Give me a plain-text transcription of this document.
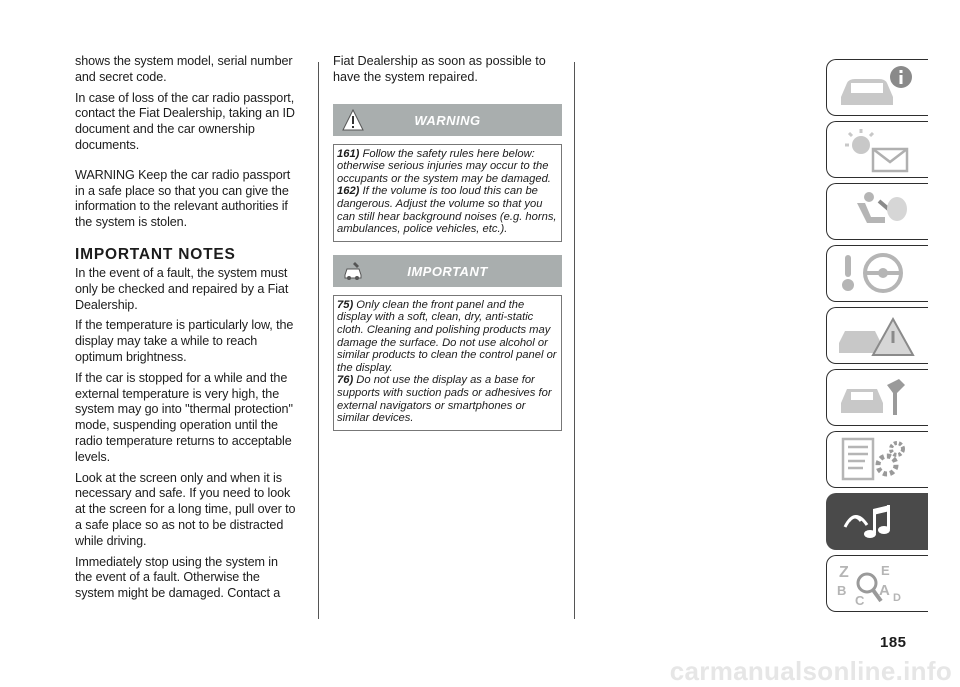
shows the system model, serial number and secret code.

In case of loss of the car radio passport, contact the Fiat Dealership, taking an ID document and the car ownership documents.

WARNING Keep the car radio passport in a safe place so that you can give the information to the relevant authorities if the system is stolen.

IMPORTANT NOTES

In the event of a fault, the system must only be checked and repaired by a Fiat Dealership.

If the temperature is particularly low, the display may take a while to reach optimum brightness.

If the car is stopped for a while and the external temperature is very high, the system may go into "thermal protection" mode, suspending operation until the radio temperature returns to acceptable levels.

Look at the screen only and when it is necessary and safe. If you need to look at the screen for a long time, pull over to a safe place so as not to be distracted while driving.

Immediately stop using the system in the event of a fault. Otherwise the system might be damaged. Contact a

Fiat Dealership as soon as possible to have the system repaired.

WARNING
161) Follow the safety rules here below: otherwise serious injuries may occur to the occupants or the system may be damaged.
162) If the volume is too loud this can be dangerous. Adjust the volume so that you can still hear background noises (e.g. horns, ambulances, police vehicles, etc.).
IMPORTANT
75) Only clean the front panel and the display with a soft, clean, dry, anti-static cloth. Cleaning and polishing products may damage the surface. Do not use alcohol or similar products to clean the control panel or the display.
76) Do not use the display as a base for supports with suction pads or adhesives for external navigators or smartphones or similar devices.
Z E
B A
C	D
185
carmanualsonline.info
